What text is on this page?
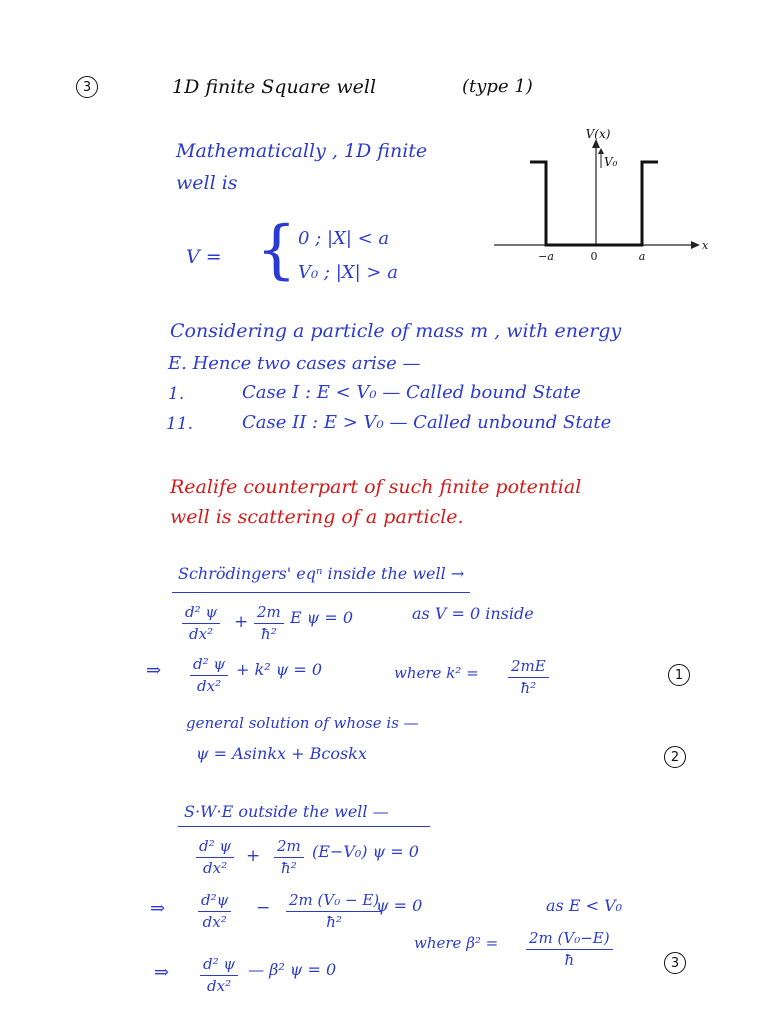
3	1D finite Square well	(type 1)
Mathematically , 1D finite
well is
V = { 0 ; |X| < a
V₀ ; |X| > a
V(x)
V₀
x
−a	0	a
Considering a particle of mass m , with energy
E. Hence two cases arise —
1.	Case I : E < V₀ — Called bound State
11.	Case II : E > V₀ — Called unbound State
Realife counterpart of such finite potential
well is scattering of a particle.
Schrödingers' eqⁿ inside the well →
$\frac{\text{d² ψ}}{\text{dx²}} + \frac{2m}{\text{ħ²}}$ E ψ = 0	as V = 0 inside
⇒ $\frac{\text{d² ψ}}{\text{dx²}} + k^2$ ψ = 0	where $k^2 = \frac{2mE}{\text{ħ²}}$	1
general solution of whose is —
ψ = Asinkx + Bcoskx	2
S·W·E outside the well —
$\frac{\text{d² ψ}}{\text{dx²}} + \frac{2m}{\text{ħ²}} (E-V_0) \psi = 0$
⇒ $\frac{\text{d²ψ}}{\text{dx²}} - \frac{\text{2m (V₀ − E)}}{\text{ħ²}}$
ψ = 0	as E < V₀
where $\beta^2 = \frac{\text{2m (V₀−E)}}{ħ}$
⇒ $\frac{\text{d² ψ}}{\text{dx²}}$ — β² ψ = 0	3
